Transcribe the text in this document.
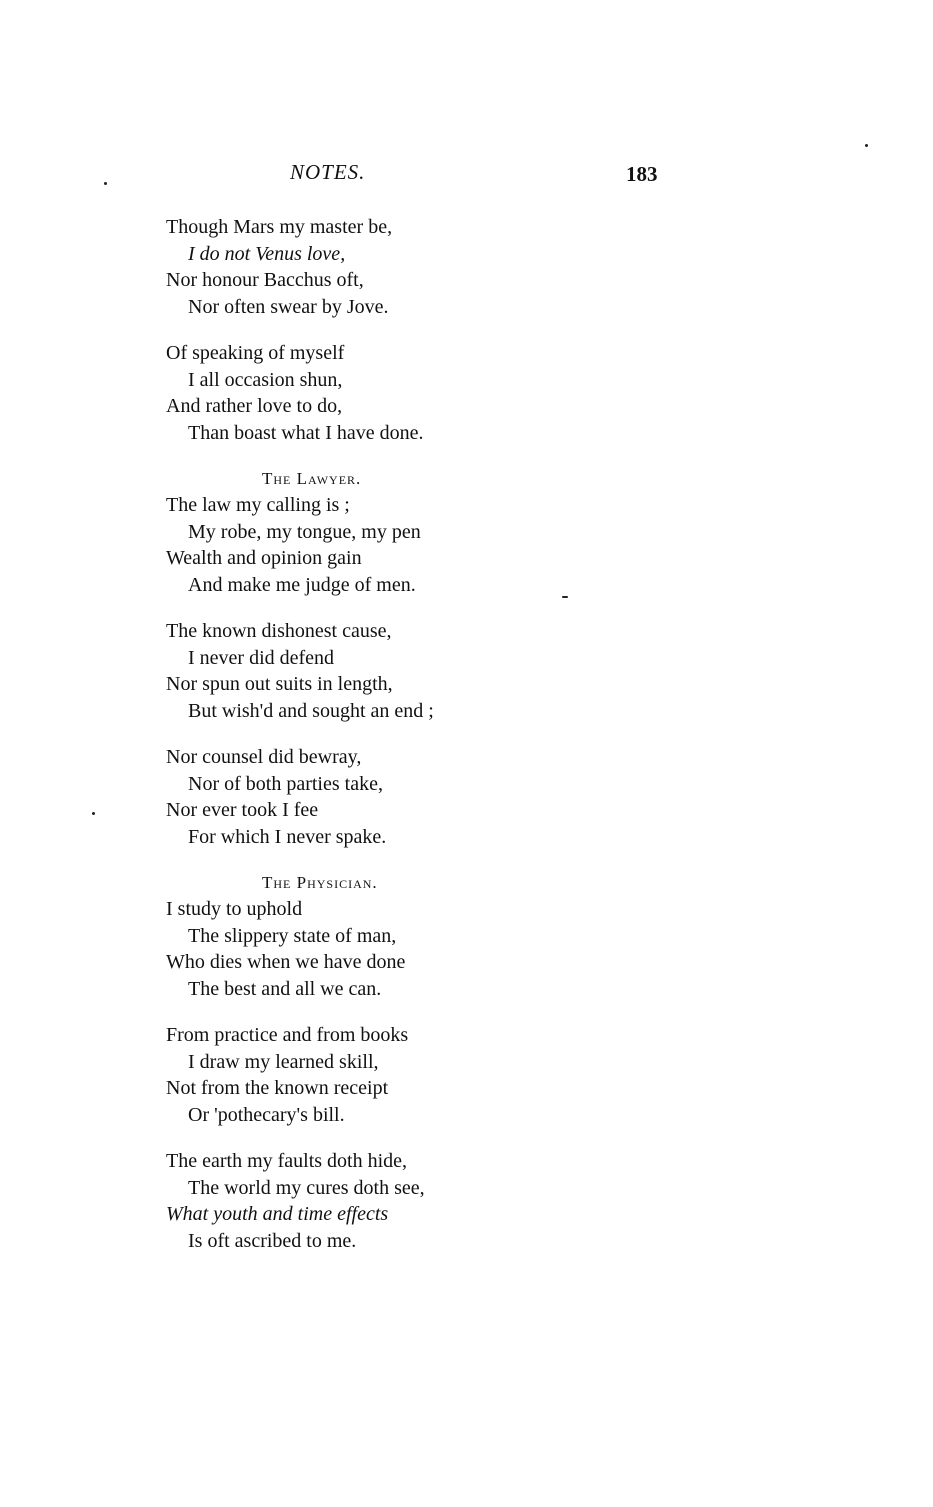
NOTES.	183
Though Mars my master be,
I do not Venus love,
Nor honour Bacchus oft,
Nor often swear by Jove.
Of speaking of myself
I all occasion shun,
And rather love to do,
Than boast what I have done.
The Lawyer.
The law my calling is ;
My robe, my tongue, my pen
Wealth and opinion gain
And make me judge of men.
The known dishonest cause,
I never did defend
Nor spun out suits in length,
But wish'd and sought an end ;
Nor counsel did bewray,
Nor of both parties take,
Nor ever took I fee
For which I never spake.
The Physician.
I study to uphold
The slippery state of man,
Who dies when we have done
The best and all we can.
From practice and from books
I draw my learned skill,
Not from the known receipt
Or 'pothecary's bill.
The earth my faults doth hide,
The world my cures doth see,
What youth and time effects
Is oft ascribed to me.
